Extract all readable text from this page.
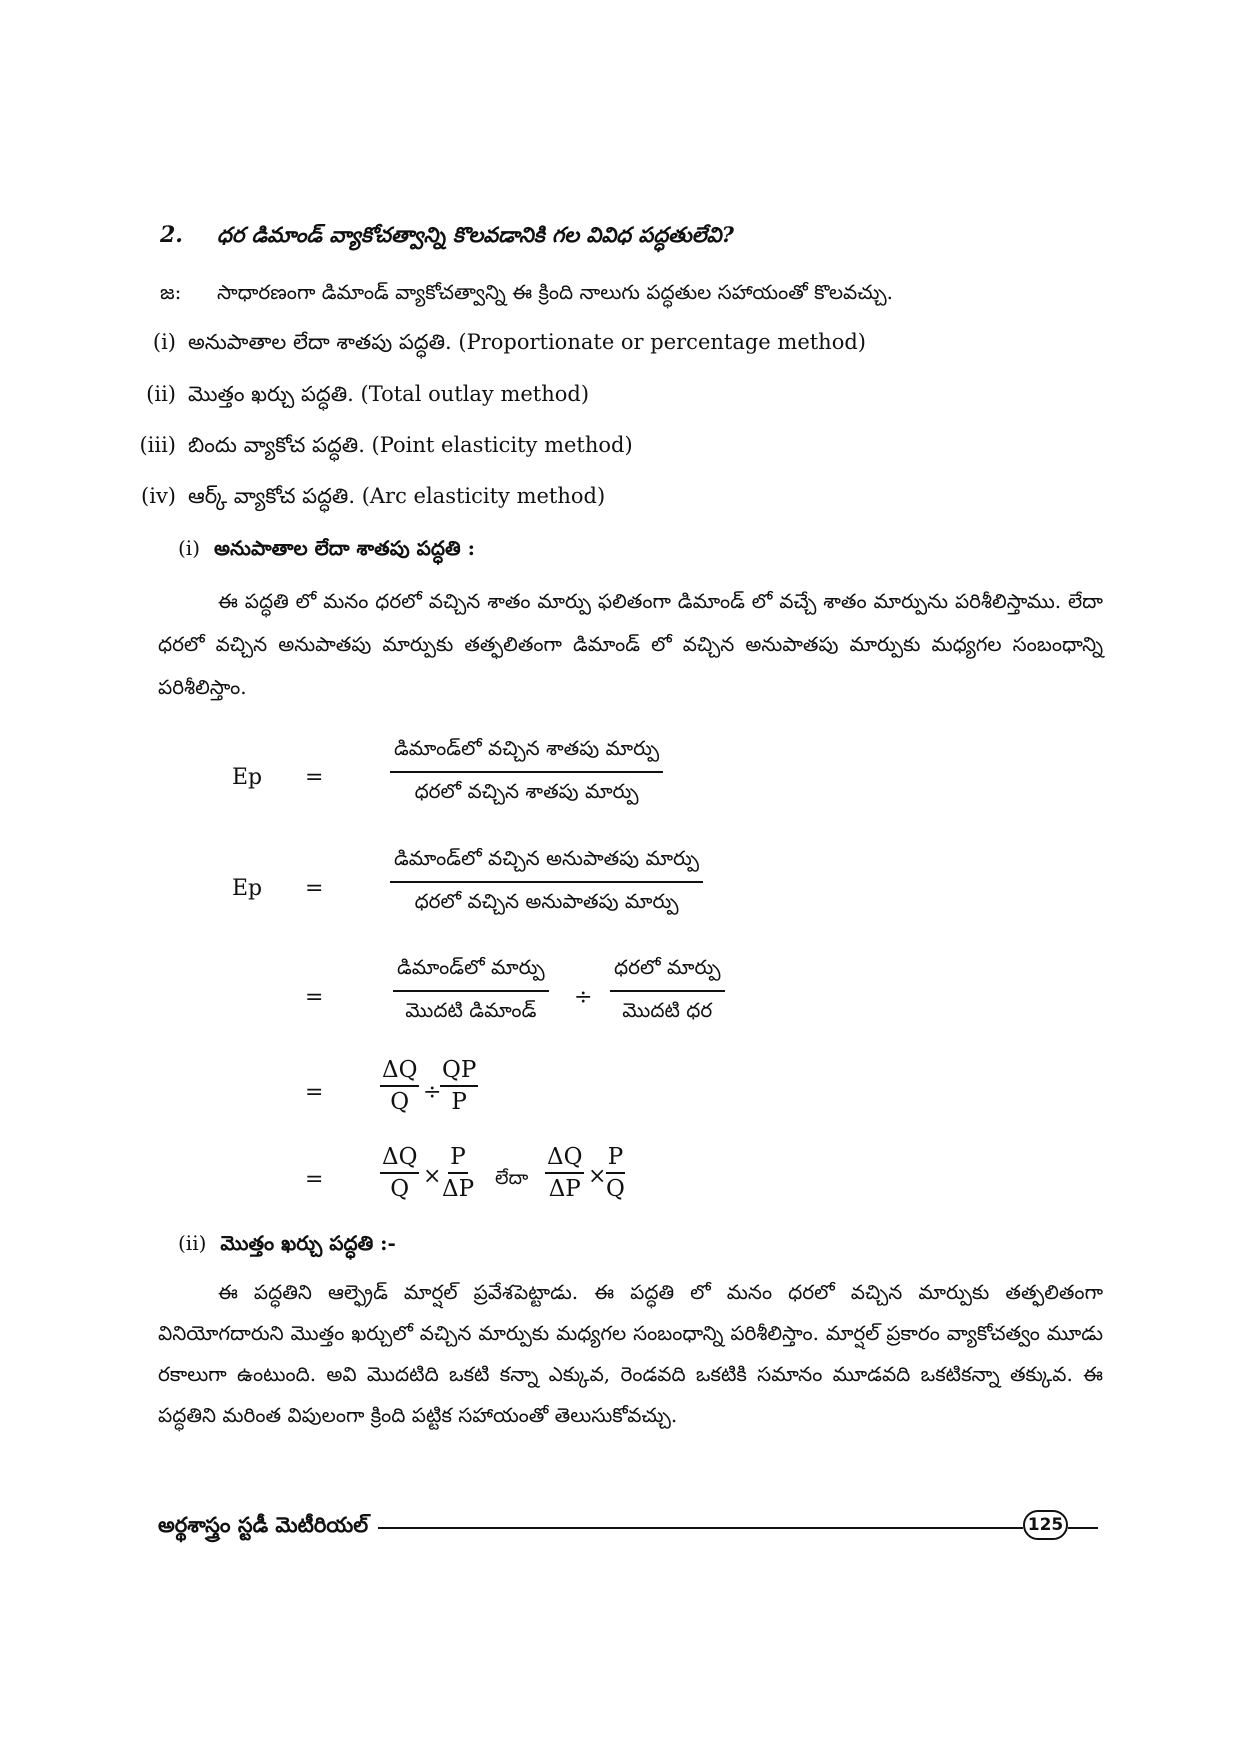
2. ధర డిమాండ్ వ్యాకోచత్వాన్ని కొలవడానికి గల వివిధ పద్ధతులేవి?
జ: సాధారణంగా డిమాండ్ వ్యాకోచత్వాన్ని ఈ క్రింది నాలుగు పద్ధతుల సహాయంతో కొలవచ్చు.
(i) అనుపాతాల లేదా శాతపు పద్ధతి. (Proportionate or percentage method)
(ii) మొత్తం ఖర్చు పద్ధతి. (Total outlay method)
(iii) బిందు వ్యాకోచ పద్ధతి. (Point elasticity method)
(iv) ఆర్క్ వ్యాకోచ పద్ధతి. (Arc elasticity method)
(i) అనుపాతాల లేదా శాతపు పద్ధతి :
ఈ పద్ధతి లో మనం ధరలో వచ్చిన శాతం మార్పు ఫలితంగా డిమాండ్ లో వచ్చే శాతం మార్పును పరిశీలిస్తాము. లేదా ధరలో వచ్చిన అనుపాతపు మార్పుకు తత్ఫలితంగా డిమాండ్ లో వచ్చిన అనుపాతపు మార్పుకు మధ్యగల సంబంధాన్ని పరిశీలిస్తాం.
Ep =
డిమాండ్‌లో వచ్చిన శాతపు మార్పు
ధరలో వచ్చిన శాతపు మార్పు
Ep =
డిమాండ్‌లో వచ్చిన అనుపాతపు మార్పు
ధరలో వచ్చిన అనుపాతపు మార్పు
=
డిమాండ్‌లో మార్పు
మొదటి డిమాండ్ ÷
ధరలో మార్పు
మొదటి ధర
= $\frac{\Delta Q}{Q}$ ÷
$\frac{QP}{P}$
= $\frac{\Delta Q}{Q}$ ×
$\frac{P}{\Delta P}$ లేదా $\frac{\Delta Q}{\Delta P}$ ×
$\frac{P}{Q}$
(ii) మొత్తం ఖర్చు పద్ధతి :-
ఈ పద్ధతిని ఆల్ఫ్రెడ్ మార్షల్ ప్రవేశపెట్టాడు. ఈ పద్ధతి లో మనం ధరలో వచ్చిన మార్పుకు తత్ఫలితంగా వినియోగదారుని మొత్తం ఖర్చులో వచ్చిన మార్పుకు మధ్యగల సంబంధాన్ని పరిశీలిస్తాం. మార్షల్ ప్రకారం వ్యాకోచత్వం మూడు రకాలుగా ఉంటుంది. అవి మొదటిది ఒకటి కన్నా ఎక్కువ, రెండవది ఒకటికి సమానం మూడవది ఒకటికన్నా తక్కువ. ఈ పద్ధతిని మరింత విపులంగా క్రింది పట్టిక సహాయంతో తెలుసుకోవచ్చు.
అర్థశాస్త్రం స్టడీ మెటీరియల్	125
